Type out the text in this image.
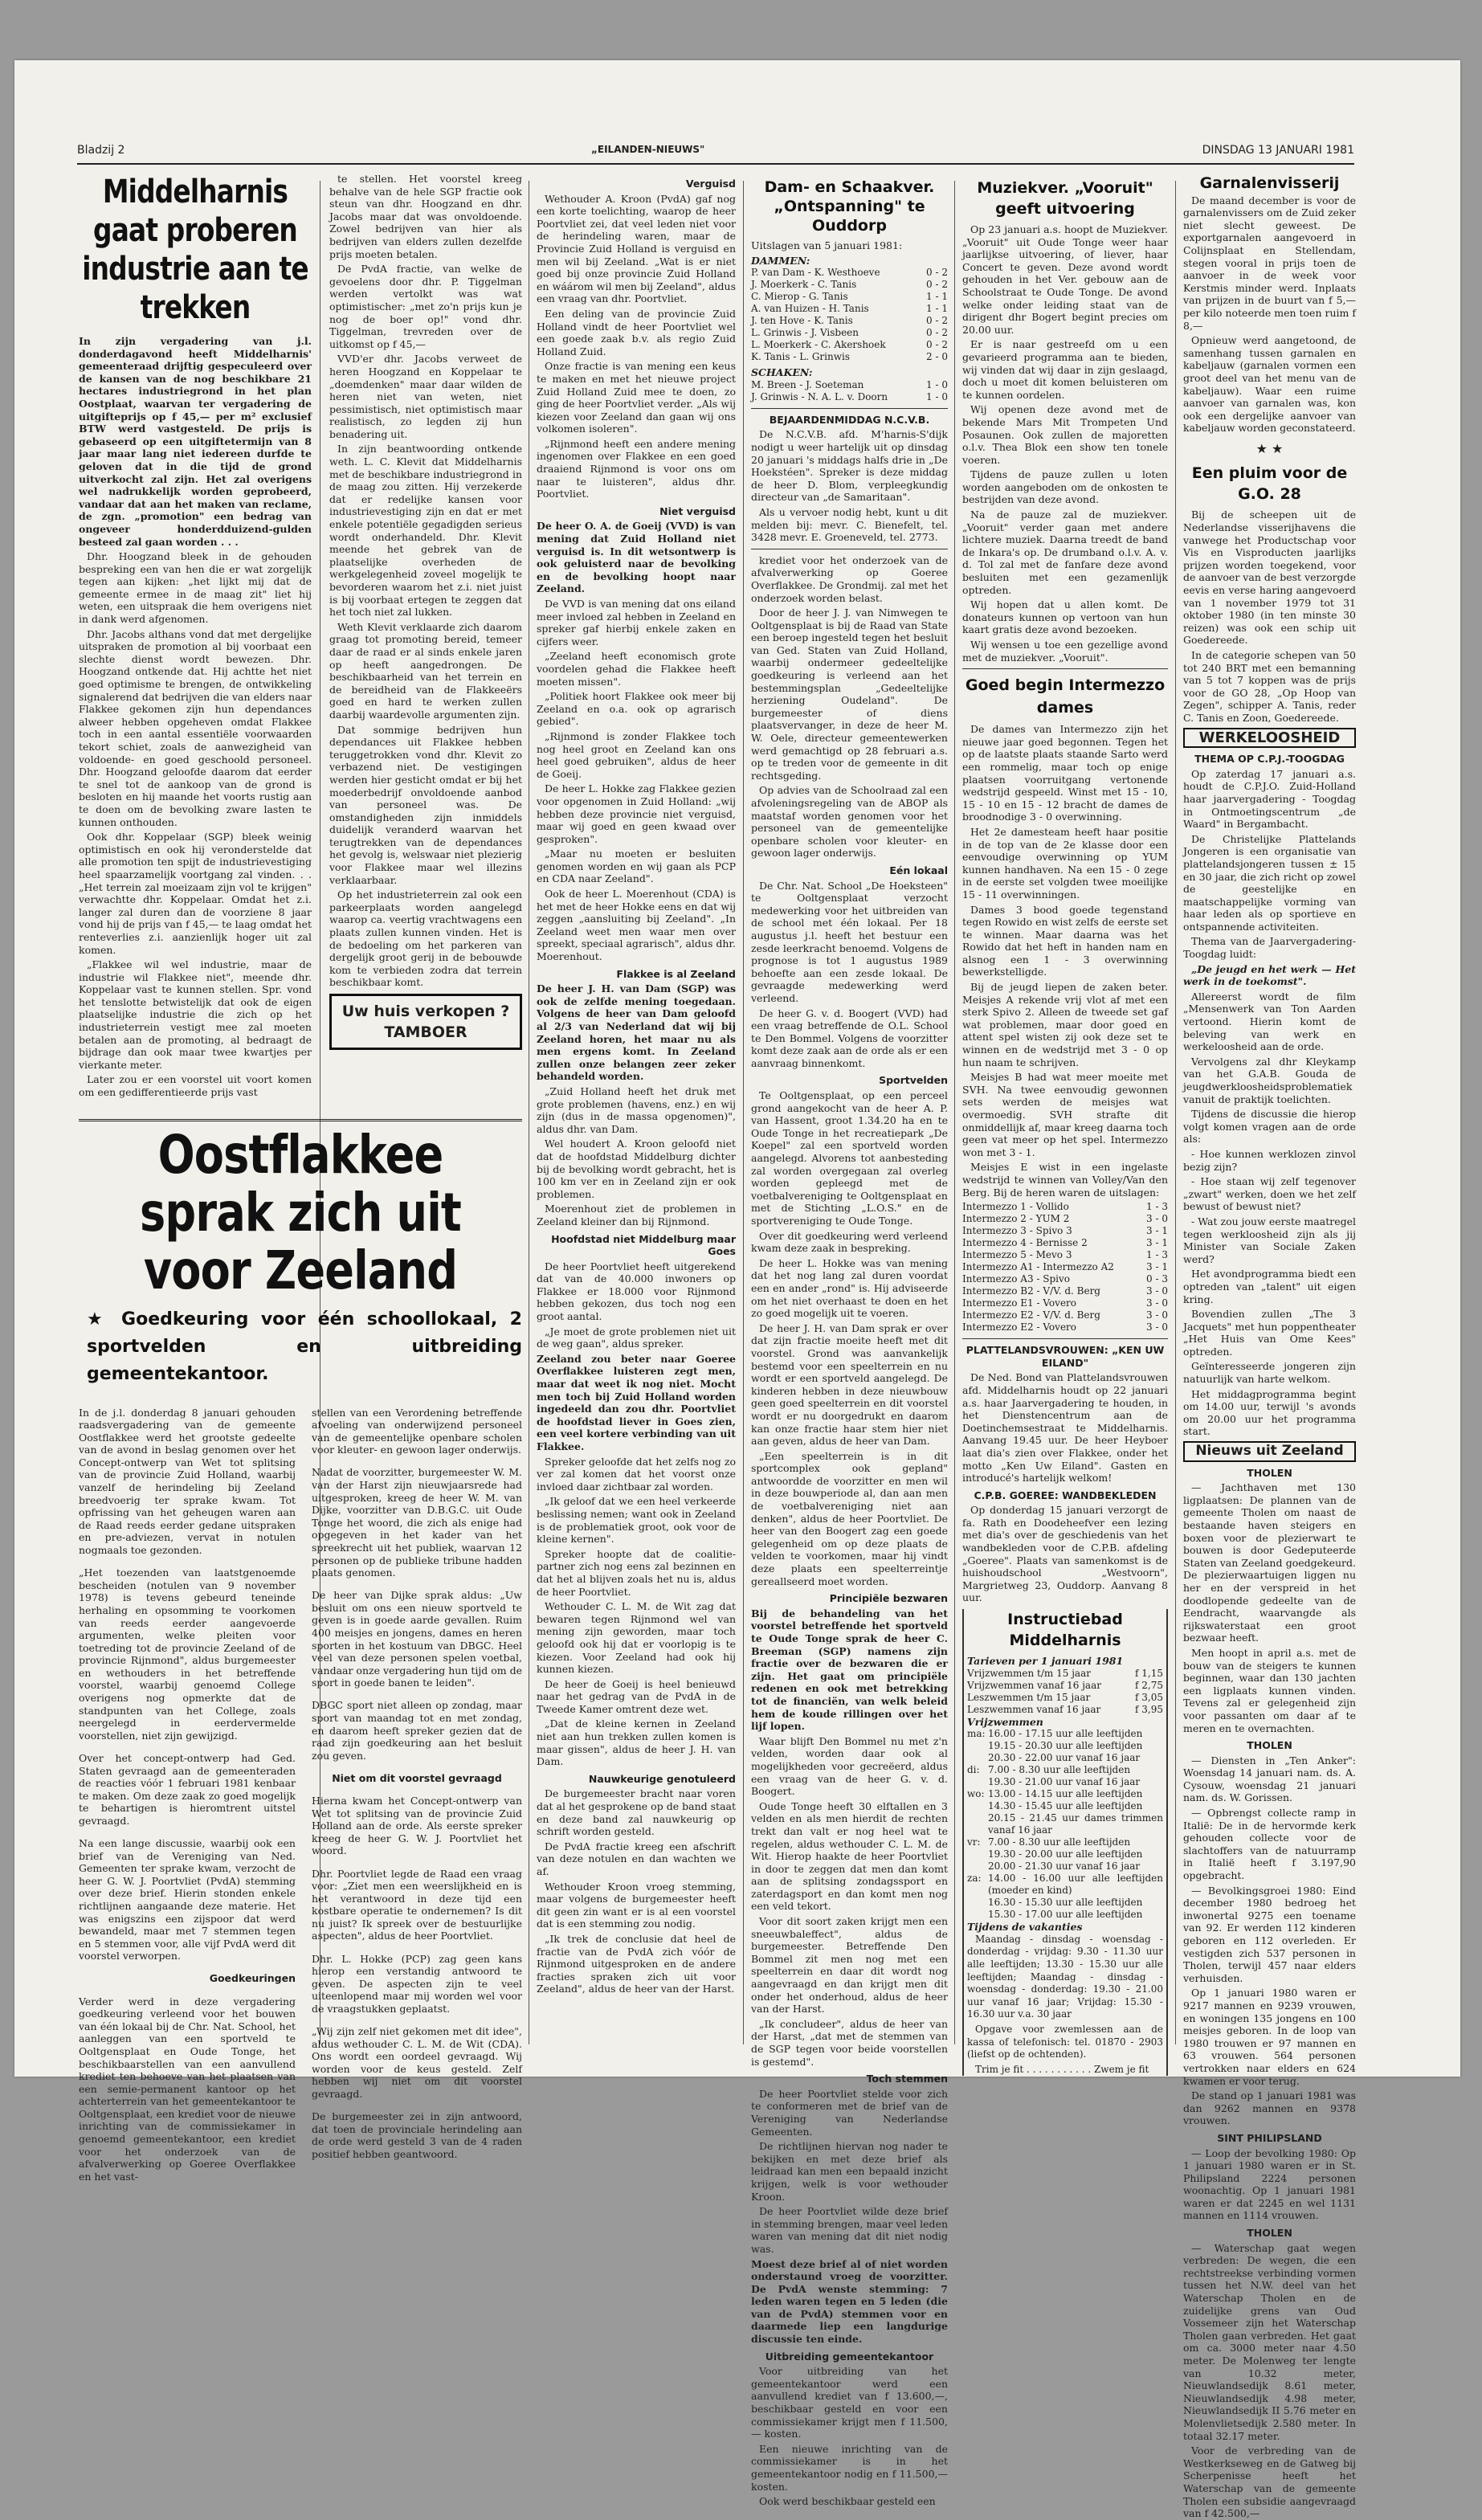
Bladzij 2	„EILANDEN-NIEUWS"	DINSDAG 13 JANUARI 1981
Middelharnis gaat proberen industrie aan te trekken

In zijn vergadering van j.l. donderdagavond heeft Middelharnis' gemeenteraad drijftig gespeculeerd over de kansen van de nog beschikbare 21 hectares industriegrond in het plan Oostplaat, waarvan ter vergadering de uitgifteprijs op f 45,— per m² exclusief BTW werd vastgesteld. De prijs is gebaseerd op een uitgiftetermijn van 8 jaar maar lang niet iedereen durfde te geloven dat in die tijd de grond uitverkocht zal zijn. Het zal overigens wel nadrukkelijk worden geprobeerd, vandaar dat aan het maken van reclame, de zgn. „promotion" een bedrag van ongeveer honderdduizend-gulden besteed zal gaan worden . . .

Dhr. Hoogzand bleek in de gehouden bespreking een van hen die er wat zorgelijk tegen aan kijken: „het lijkt mij dat de gemeente ermee in de maag zit" liet hij weten, een uitspraak die hem overigens niet in dank werd afgenomen.

Dhr. Jacobs althans vond dat met dergelijke uitspraken de promotion al bij voorbaat een slechte dienst wordt bewezen. Dhr. Hoogzand ontkende dat. Hij achtte het niet goed optimisme te brengen, de ontwikkeling signalerend dat bedrijven die van elders naar Flakkee gekomen zijn hun dependances alweer hebben opgeheven omdat Flakkee toch in een aantal essentiële voorwaarden tekort schiet, zoals de aanwezigheid van voldoende- en goed geschoold personeel. Dhr. Hoogzand geloofde daarom dat eerder te snel tot de aankoop van de grond is besloten en hij maande het voorts rustig aan te doen om de bevolking zware lasten te kunnen onthouden.

Ook dhr. Koppelaar (SGP) bleek weinig optimistisch en ook hij veronderstelde dat alle promotion ten spijt de industrievestiging heel spaarzamelijk voortgang zal vinden. . .„Het terrein zal moeizaam zijn vol te krijgen" verwachtte dhr. Koppelaar. Omdat het z.i. langer zal duren dan de voorziene 8 jaar vond hij de prijs van f 45,— te laag omdat het renteverlies z.i. aanzienlijk hoger uit zal komen.

„Flakkee wil wel industrie, maar de industrie wil Flakkee niet", meende dhr. Koppelaar vast te kunnen stellen. Spr. vond het tenslotte betwistelijk dat ook de eigen plaatselijke industrie die zich op het industrieterrein vestigt mee zal moeten betalen aan de promoting, al bedraagt de bijdrage dan ook maar twee kwartjes per vierkante meter.

Later zou er een voorstel uit voort komen om een gedifferentieerde prijs vast

Oostflakkee sprak zich uit voor Zeeland
★ Goedkeuring voor één schoollokaal, 2 sportvelden en uitbreiding gemeentekantoor.

In de j.l. donderdag 8 januari gehouden raadsvergadering van de gemeente Oostflakkee werd het grootste gedeelte van de avond in beslag genomen over het Concept-ontwerp van Wet tot splitsing van de provincie Zuid Holland, waarbij vanzelf de herindeling bij Zeeland breedvoerig ter sprake kwam. Tot opfrissing van het geheugen waren aan de Raad reeds eerder gedane uitspraken en pre-adviezen, vervat in notulen nogmaals toe gezonden.

„Het toezenden van laatstgenoemde bescheiden (notulen van 9 november 1978) is tevens gebeurd teneinde herhaling en opsomming te voorkomen van reeds eerder aangevoerde argumenten, welke pleiten voor toetreding tot de provincie Zeeland of de provincie Rijnmond", aldus burgemeester en wethouders in het betreffende voorstel, waarbij genoemd College overigens nog opmerkte dat de standpunten van het College, zoals neergelegd in eerdervermelde voorstellen, niet zijn gewijzigd.

Over het concept-ontwerp had Ged. Staten gevraagd aan de gemeenteraden de reacties vóór 1 februari 1981 kenbaar te maken. Om deze zaak zo goed mogelijk te behartigen is hieromtrent uitstel gevraagd.

Na een lange discussie, waarbij ook een brief van de Vereniging van Ned. Gemeenten ter sprake kwam, verzocht de heer G. W. J. Poortvliet (PvdA) stemming over deze brief. Hierin stonden enkele richtlijnen aangaande deze materie. Het was enigszins een zijspoor dat werd bewandeld, maar met 7 stemmen tegen en 5 stemmen voor, alle vijf PvdA werd dit voorstel verworpen.

Goedkeuringen

Verder werd in deze vergadering goedkeuring verleend voor het bouwen van één lokaal bij de Chr. Nat. School, het aanleggen van een sportveld te Ooltgensplaat en Oude Tonge, het beschikbaarstellen van een aanvullend krediet ten behoeve van het plaatsen van een semie-permanent kantoor op het achterterrein van het gemeentekantoor te Ooltgensplaat, een krediet voor de nieuwe inrichting van de commissiekamer in genoemd gemeentekantoor, een krediet voor het onderzoek van de afvalverwerking op Goeree Overflakkee en het vast-

stellen van een Verordening betreffende afvoeling van onderwijzend personeel van de gemeentelijke openbare scholen voor kleuter- en gewoon lager onderwijs.

Nadat de voorzitter, burgemeester W. M. van der Harst zijn nieuwjaarsrede had uitgesproken, kreeg de heer W. M. van Dijke, voorzitter van D.B.G.C. uit Oude Tonge het woord, die zich als enige had opgegeven in het kader van het spreekrecht uit het publiek, waarvan 12 personen op de publieke tribune hadden plaats genomen.

De heer van Dijke sprak aldus: „Uw besluit om ons een nieuw sportveld te geven is in goede aarde gevallen. Ruim 400 meisjes en jongens, dames en heren sporten in het kostuum van DBGC. Heel veel van deze personen spelen voetbal, vandaar onze vergadering hun tijd om de sport in goede banen te leiden".

DBGC sport niet alleen op zondag, maar sport van maandag tot en met zondag, en daarom heeft spreker gezien dat de raad zijn goedkeuring aan het besluit zou geven.

Niet om dit voorstel gevraagd

Hierna kwam het Concept-ontwerp van Wet tot splitsing van de provincie Zuid Holland aan de orde. Als eerste spreker kreeg de heer G. W. J. Poortvliet het woord.

Dhr. Poortvliet legde de Raad een vraag voor: „Ziet men een weerslijkheid en is het verantwoord in deze tijd een kostbare operatie te ondernemen? Is dit nu juist? Ik spreek over de bestuurlijke aspecten", aldus de heer Poortvliet.

Dhr. L. Hokke (PCP) zag geen kans hierop een verstandig antwoord te geven. De aspecten zijn te veel uiteenlopend maar mij worden wel voor de vraagstukken geplaatst.

„Wij zijn zelf niet gekomen met dit idee", aldus wethouder C. L. M. de Wit (CDA). Ons wordt een oordeel gevraagd. Wij worden voor de keus gesteld. Zelf hebben wij niet om dit voorstel gevraagd.

De burgemeester zei in zijn antwoord, dat toen de provinciale herindeling aan de orde werd gesteld 3 van de 4 raden positief hebben geantwoord.

te stellen. Het voorstel kreeg behalve van de hele SGP fractie ook steun van dhr. Hoogzand en dhr. Jacobs maar dat was onvoldoende. Zowel bedrijven van hier als bedrijven van elders zullen dezelfde prijs moeten betalen.

De PvdA fractie, van welke de gevoelens door dhr. P. Tiggelman werden vertolkt was wat optimistischer: „met zo'n prijs kun je nog de boer op!" vond dhr. Tiggelman, trevreden over de uitkomst op f 45,—

VVD'er dhr. Jacobs verweet de heren Hoogzand en Koppelaar te „doemdenken" maar daar wilden de heren niet van weten, niet pessimistisch, niet optimistisch maar realistisch, zo legden zij hun benadering uit.

In zijn beantwoording ontkende weth. L. C. Klevit dat Middelharnis met de beschikbare industriegrond in de maag zou zitten. Hij verzekerde dat er redelijke kansen voor industrievestiging zijn en dat er met enkele potentiële gegadigden serieus wordt onderhandeld. Dhr. Klevit meende het gebrek van de plaatselijke overheden de werkgelegenheid zoveel mogelijk te bevorderen waarom het z.i. niet juist is bij voorbaat ertegen te zeggen dat het toch niet zal lukken.

Weth Klevit verklaarde zich daarom graag tot promoting bereid, temeer daar de raad er al sinds enkele jaren op heeft aangedrongen. De beschikbaarheid van het terrein en de bereidheid van de Flakkeeërs goed en hard te werken zullen daarbij waardevolle argumenten zijn.

Dat sommige bedrijven hun dependances uit Flakkee hebben teruggetrokken vond dhr. Klevit zo verbazend niet. De vestigingen werden hier gesticht omdat er bij het moederbedrijf onvoldoende aanbod van personeel was. De omstandigheden zijn inmiddels duidelijk veranderd waarvan het terugtrekken van de dependances het gevolg is, welswaar niet plezierig voor Flakkee maar wel illezins verklaarbaar.

Op het industrieterrein zal ook een parkeerplaats worden aangelegd waarop ca. veertig vrachtwagens een plaats zullen kunnen vinden. Het is de bedoeling om het parkeren van dergelijk groot gerij in de bebouwde kom te verbieden zodra dat terrein beschikbaar komt.

Uw huis verkopen ? TAMBOER
Verguisd

Wethouder A. Kroon (PvdA) gaf nog een korte toelichting, waarop de heer Poortvliet zei, dat veel leden niet voor de herindeling waren, maar de Provincie Zuid Holland is verguisd en men wil bij Zeeland. „Wat is er niet goed bij onze provincie Zuid Holland en wáárom wil men bij Zeeland", aldus een vraag van dhr. Poortvliet.

Een deling van de provincie Zuid Holland vindt de heer Poortvliet wel een goede zaak b.v. als regio Zuid Holland Zuid.

Onze fractie is van mening een keus te maken en met het nieuwe project Zuid Holland Zuid mee te doen, zo ging de heer Poortvliet verder. „Als wij kiezen voor Zeeland dan gaan wij ons volkomen isoleren".

„Rijnmond heeft een andere mening ingenomen over Flakkee en een goed draaiend Rijnmond is voor ons om naar te luisteren", aldus dhr. Poortvliet.

Niet verguisd

De heer O. A. de Goeij (VVD) is van mening dat Zuid Holland niet verguisd is. In dit wetsontwerp is ook geluisterd naar de bevolking en de bevolking hoopt naar Zeeland.

De VVD is van mening dat ons eiland meer invloed zal hebben in Zeeland en spreker gaf hierbij enkele zaken en cijfers weer.

„Zeeland heeft economisch grote voordelen gehad die Flakkee heeft moeten missen".

„Politiek hoort Flakkee ook meer bij Zeeland en o.a. ook op agrarisch gebied".

„Rijnmond is zonder Flakkee toch nog heel groot en Zeeland kan ons heel goed gebruiken", aldus de heer de Goeij.

De heer L. Hokke zag Flakkee gezien voor opgenomen in Zuid Holland: „wij hebben deze provincie niet verguisd, maar wij goed en geen kwaad over gesproken".

„Maar nu moeten er besluiten genomen worden en wij gaan als PCP en CDA naar Zeeland".

Ook de heer L. Moerenhout (CDA) is het met de heer Hokke eens en dat wij zeggen „aansluiting bij Zeeland". „In Zeeland weet men waar men over spreekt, speciaal agrarisch", aldus dhr. Moerenhout.

Flakkee is al Zeeland

De heer J. H. van Dam (SGP) was ook de zelfde mening toegedaan. Volgens de heer van Dam geloofd al 2/3 van Nederland dat wij bij Zeeland horen, het maar nu als men ergens komt. In Zeeland zullen onze belangen zeer zeker behandeld worden.

„Zuid Holland heeft het druk met grote problemen (havens, enz.) en wij zijn (dus in de massa opgenomen)", aldus dhr. van Dam.

Wel houdert A. Kroon geloofd niet dat de hoofdstad Middelburg dichter bij de bevolking wordt gebracht, het is 100 km ver en in Zeeland zijn er ook problemen.

Moerenhout ziet de problemen in Zeeland kleiner dan bij Rijnmond.

Hoofdstad niet Middelburg maar Goes

De heer Poortvliet heeft uitgerekend dat van de 40.000 inwoners op Flakkee er 18.000 voor Rijnmond hebben gekozen, dus toch nog een groot aantal.

„Je moet de grote problemen niet uit de weg gaan", aldus spreker.

Zeeland zou beter naar Goeree Overflakkee luisteren zegt men, maar dat weet ik nog niet. Mocht men toch bij Zuid Holland worden ingedeeld dan zou dhr. Poortvliet de hoofdstad liever in Goes zien, een veel kortere verbinding van uit Flakkee.

Spreker geloofde dat het zelfs nog zo ver zal komen dat het voorst onze invloed daar zichtbaar zal worden.

„Ik geloof dat we een heel verkeerde beslissing nemen; want ook in Zeeland is de problematiek groot, ook voor de kleine kernen".

Spreker hoopte dat de coalitie-partner zich nog eens zal bezinnen en dat het al blijven zoals het nu is, aldus de heer Poortvliet.

Wethouder C. L. M. de Wit zag dat bewaren tegen Rijnmond wel van mening zijn geworden, maar toch geloofd ook hij dat er voorlopig is te kiezen. Voor Zeeland had ook hij kunnen kiezen.

De heer de Goeij is heel benieuwd naar het gedrag van de PvdA in de Tweede Kamer omtrent deze wet.

„Dat de kleine kernen in Zeeland niet aan hun trekken zullen komen is maar gissen", aldus de heer J. H. van Dam.

Nauwkeurige genotuleerd

De burgemeester bracht naar voren dat al het gesprokene op de band staat en deze band zal nauwkeurig op schrift worden gesteld.

De PvdA fractie kreeg een afschrift van deze notulen en dan wachten we af.

Wethouder Kroon vroeg stemming, maar volgens de burgemeester heeft dit geen zin want er is al een voorstel dat is een stemming zou nodig.

„Ik trek de conclusie dat heel de fractie van de PvdA zich vóór de Rijnmond uitgesproken en de andere fracties spraken zich uit voor Zeeland", aldus de heer van der Harst.

Dam- en Schaakver. „Ontspanning" te Ouddorp

Uitslagen van 5 januari 1981:

DAMMEN:
P. van Dam - K. Westhoeve	0 - 2
J. Moerkerk - C. Tanis	0 - 2
C. Mierop - G. Tanis	1 - 1
A. van Huizen - H. Tanis	1 - 1
J. ten Hove - K. Tanis	0 - 2
L. Grinwis - J. Visbeen	0 - 2
L. Moerkerk - C. Akershoek	0 - 2
K. Tanis - L. Grinwis	2 - 0
SCHAKEN:
M. Breen - J. Soeteman	1 - 0
J. Grinwis - N. A. L. v. Doorn	1 - 0
BEJAARDENMIDDAG N.C.V.B.

De N.C.V.B. afd. M'harnis-S'dijk nodigt u weer hartelijk uit op dinsdag 20 januari 's middags halfs drie in „De Hoekstéen". Spreker is deze middag de heer D. Blom, verpleegkundig directeur van „de Samaritaan".

Als u vervoer nodig hebt, kunt u dit melden bij: mevr. C. Bienefelt, tel. 3428 mevr. E. Groeneveld, tel. 2773.

krediet voor het onderzoek van de afvalverwerking op Goeree Overflakkee. De Grondmij. zal met het onderzoek worden belast.

Door de heer J. J. van Nimwegen te Ooltgensplaat is bij de Raad van State een beroep ingesteld tegen het besluit van Ged. Staten van Zuid Holland, waarbij ondermeer gedeeltelijke goedkeuring is verleend aan het bestemmingsplan „Gedeeltelijke herziening Oudeland". De burgemeester of diens plaatsvervanger, in deze de heer M. W. Oele, directeur gemeentewerken werd gemachtigd op 28 februari a.s. op te treden voor de gemeente in dit rechtsgeding.

Op advies van de Schoolraad zal een afvoleningsregeling van de ABOP als maatstaf worden genomen voor het personeel van de gemeentelijke openbare scholen voor kleuter- en gewoon lager onderwijs.

Eén lokaal

De Chr. Nat. School „De Hoeksteen" te Ooltgensplaat verzocht medewerking voor het uitbreiden van de school met één lokaal. Per 18 augustus j.l. heeft het bestuur een zesde leerkracht benoemd. Volgens de prognose is tot 1 augustus 1989 behoefte aan een zesde lokaal. De gevraagde medewerking werd verleend.

De heer G. v. d. Boogert (VVD) had een vraag betreffende de O.L. School te Den Bommel. Volgens de voorzitter komt deze zaak aan de orde als er een aanvraag binnenkomt.

Sportvelden

Te Ooltgensplaat, op een perceel grond aangekocht van de heer A. P. van Hassent, groot 1.34.20 ha en te Oude Tonge in het recreatiepark „De Koepel" zal een sportveld worden aangelegd. Alvorens tot aanbesteding zal worden overgegaan zal overleg worden gepleegd met de voetbalvereniging te Ooltgensplaat en met de Stichting „L.O.S." en de sportvereniging te Oude Tonge.

Over dit goedkeuring werd verleend kwam deze zaak in bespreking.

De heer L. Hokke was van mening dat het nog lang zal duren voordat een en ander „rond" is. Hij adviseerde om het niet overhaast te doen en het zo goed mogelijk uit te voeren.

De heer J. H. van Dam sprak er over dat zijn fractie moeite heeft met dit voorstel. Grond was aanvankelijk bestemd voor een speelterrein en nu wordt er een sportveld aangelegd. De kinderen hebben in deze nieuwbouw geen goed speelterrein en dit voorstel wordt er nu doorgedrukt en daarom kan onze fractie haar stem hier niet aan geven, aldus de heer van Dam.

„Een speelterrein is in dit sportcomplex ook gepland" antwoordde de voorzitter en men wil in deze bouwperiode al, dan aan men de voetbalvereniging niet aan denken", aldus de heer Poortvliet. De heer van den Boogert zag een goede gelegenheid om op deze plaats de velden te voorkomen, maar hij vindt deze plaats een speelterreintje gereallseerd moet worden.

Principiële bezwaren

Bij de behandeling van het voorstel betreffende het sportveld te Oude Tonge sprak de heer C. Breeman (SGP) namens zijn fractie over de bezwaren die er zijn. Het gaat om principiële redenen en ook met betrekking tot de financiën, van welk beleid hem de koude rillingen over het lijf lopen.

Waar blijft Den Bommel nu met z'n velden, worden daar ook al mogelijkheden voor gecreëerd, aldus een vraag van de heer G. v. d. Boogert.

Oude Tonge heeft 30 elftallen en 3 velden en als men hierdit de rechten trekt dan valt er nog heel wat te regelen, aldus wethouder C. L. M. de Wit. Hierop haakte de heer Poortvliet in door te zeggen dat men dan komt aan de splitsing zondagssport en zaterdagsport en dan komt men nog een veld tekort.

Voor dit soort zaken krijgt men een sneeuwbaleffect", aldus de burgemeester. Betreffende Den Bommel zit men nog met een speelterrein en daar dit wordt nog aangevraagd en dan krijgt men dit onder het onderhoud, aldus de heer van der Harst.

„Ik concludeer", aldus de heer van der Harst, „dat met de stemmen van de SGP tegen voor beide voorstellen is gestemd".

Toch stemmen

De heer Poortvliet stelde voor zich te conformeren met de brief van de Vereniging van Nederlandse Gemeenten.

De richtlijnen hiervan nog nader te bekijken en met deze brief als leidraad kan men een bepaald inzicht krijgen, welk is voor wethouder Kroon.

De heer Poortvliet wilde deze brief in stemming brengen, maar veel leden waren van mening dat dit niet nodig was.

Moest deze brief al of niet worden onderstaund vroeg de voorzitter. De PvdA wenste stemming: 7 leden waren tegen en 5 leden (die van de PvdA) stemmen voor en daarmede liep een langdurige discussie ten einde.

Uitbreiding gemeentekantoor

Voor uitbreiding van het gemeentekantoor werd een aanvullend krediet van f 13.600,—, beschikbaar gesteld en voor een commissiekamer krijgt men f 11.500,— kosten.

Een nieuwe inrichting van de commissiekamer is in het gemeentekantoor nodig en f 11.500,— kosten.

Ook werd beschikbaar gesteld een

Muziekver. „Vooruit" geeft uitvoering

Op 23 januari a.s. hoopt de Muziekver. „Vooruit" uit Oude Tonge weer haar jaarlijkse uitvoering, of liever, haar Concert te geven. Deze avond wordt gehouden in het Ver. gebouw aan de Schoolstraat te Oude Tonge. De avond welke onder leiding staat van de dirigent dhr Bogert begint precies om 20.00 uur.

Er is naar gestreefd om u een gevarieerd programma aan te bieden, wij vinden dat wij daar in zijn geslaagd, doch u moet dit komen beluisteren om te kunnen oordelen.

Wij openen deze avond met de bekende Mars Mit Trompeten Und Posaunen. Ook zullen de majoretten o.l.v. Thea Blok een show ten tonele voeren.

Tijdens de pauze zullen u loten worden aangeboden om de onkosten te bestrijden van deze avond.

Na de pauze zal de muziekver. „Vooruit" verder gaan met andere lichtere muziek. Daarna treedt de band de Inkara's op. De drumband o.l.v. A. v. d. Tol zal met de fanfare deze avond besluiten met een gezamenlijk optreden.

Wij hopen dat u allen komt. De donateurs kunnen op vertoon van hun kaart gratis deze avond bezoeken.

Wij wensen u toe een gezellige avond met de muziekver. „Vooruit".

Goed begin Intermezzo dames

De dames van Intermezzo zijn het nieuwe jaar goed begonnen. Tegen het op de laatste plaats staande Sarto werd een rommelig, maar toch op enige plaatsen voorruitgang vertonende wedstrijd gespeeld. Winst met 15 - 10, 15 - 10 en 15 - 12 bracht de dames de broodnodige 3 - 0 overwinning.

Het 2e damesteam heeft haar positie in de top van de 2e klasse door een eenvoudige overwinning op YUM kunnen handhaven. Na een 15 - 0 zege in de eerste set volgden twee moeilijke 15 - 11 overwinningen.

Dames 3 bood goede tegenstand tegen Rowido en wist zelfs de eerste set te winnen. Maar daarna was het Rowido dat het heft in handen nam en alsnog een 1 - 3 overwinning bewerkstelligde.

Bij de jeugd liepen de zaken beter. Meisjes A rekende vrij vlot af met een sterk Spivo 2. Alleen de tweede set gaf wat problemen, maar door goed en attent spel wisten zij ook deze set te winnen en de wedstrijd met 3 - 0 op hun naam te schrijven.

Meisjes B had wat meer moeite met SVH. Na twee eenvoudig gewonnen sets werden de meisjes wat overmoedig. SVH strafte dit onmiddellijk af, maar kreeg daarna toch geen vat meer op het spel. Intermezzo won met 3 - 1.

Meisjes E wist in een ingelaste wedstrijd te winnen van Volley/Van den Berg. Bij de heren waren de uitslagen:

Intermezzo 1 - Vollido	1 - 3
Intermezzo 2 - YUM 2	3 - 0
Intermezzo 3 - Spivo 3	3 - 1
Intermezzo 4 - Bernisse 2	3 - 1
Intermezzo 5 - Mevo 3	1 - 3
Intermezzo A1 - Intermezzo A2	3 - 1
Intermezzo A3 - Spivo	0 - 3
Intermezzo B2 - V/V. d. Berg	3 - 0
Intermezzo E1 - Vovero	3 - 0
Intermezzo E2 - V/V. d. Berg	3 - 0
Intermezzo E2 - Vovero	3 - 0
PLATTELANDSVROUWEN: „KEN UW EILAND"

De Ned. Bond van Plattelandsvrouwen afd. Middelharnis houdt op 22 januari a.s. haar Jaarvergadering te houden, in het Dienstencentrum aan de Doetinchemsestraat te Middelharnis. Aanvang 19.45 uur. De heer Heyboer laat dia's zien over Flakkee, onder het motto „Ken Uw Eiland". Gasten en introducé's hartelijk welkom!

C.P.B. GOEREE: WANDBEKLEDEN

Op donderdag 15 januari verzorgt de fa. Rath en Doodeheefver een lezing met dia's over de geschiedenis van het wandbekleden voor de C.P.B. afdeling „Goeree". Plaats van samenkomst is de huishoudschool „Westvoorn", Margrietweg 23, Ouddorp. Aanvang 8 uur.

Instructiebad Middelharnis
Tarieven per 1 januari 1981
Vrijzwemmen t/m 15 jaar	f 1,15
Vrijzwemmen vanaf 16 jaar	f 2,75
Leszwemmen t/m 15 jaar	f 3,05
Leszwemmen vanaf 16 jaar	f 3,95
Vrijzwemmen
ma:	16.00 - 17.15 uur alle leeftijden
	19.15 - 20.30 uur alle leeftijden
	20.30 - 22.00 uur vanaf 16 jaar
di:	7.00 - 8.30 uur alle leeftijden
	19.30 - 21.00 uur vanaf 16 jaar
wo:	13.00 - 14.15 uur alle leeftijden
	14.30 - 15.45 uur alle leeftijden
	20.15 - 21.45 uur dames trimmen vanaf 16 jaar
vr:	7.00 - 8.30 uur alle leeftijden
	19.30 - 20.00 uur alle leeftijden
	20.00 - 21.30 uur vanaf 16 jaar
za:	14.00 - 16.00 uur alle leeftijden (moeder en kind)
	16.30 - 15.30 uur alle leeftijden
	15.30 - 17.00 uur alle leeftijden
Tijdens de vakanties

Maandag - dinsdag - woensdag - donderdag - vrijdag: 9.30 - 11.30 uur alle leeftijden; 13.30 - 15.30 uur alle leeftijden; Maandag - dinsdag - woensdag - donderdag: 19.30 - 21.00 uur vanaf 16 jaar; Vrijdag: 15.30 - 16.30 uur v.a. 30 jaar

Opgave voor zwemlessen aan de kassa of telefonisch: tel. 01870 - 2903 (liefst op de ochtenden).

Trim je fit . . . . . . . . . . . Zwem je fit

Garnalenvisserij

De maand december is voor de garnalenvissers om de Zuid zeker niet slecht geweest. De exportgarnalen aangevoerd in Colijnsplaat en Stellendam, stegen vooral in prijs toen de aanvoer in de week voor Kerstmis minder werd. Inplaats van prijzen in de buurt van f 5,— per kilo noteerde men toen ruim f 8,—

Opnieuw werd aangetoond, de samenhang tussen garnalen en kabeljauw (garnalen vormen een groot deel van het menu van de kabeljauw). Waar een ruime aanvoer van garnalen was, kon ook een dergelijke aanvoer van kabeljauw worden geconstateerd.

★ ★
Een pluim voor de G.O. 28

Bij de scheepen uit de Nederlandse visserijhavens die vanwege het Productschap voor Vis en Visproducten jaarlijks prijzen worden toegekend, voor de aanvoer van de best verzorgde eevis en verse haring aangevoerd van 1 november 1979 tot 31 oktober 1980 (in ten minste 30 reizen) was ook een schip uit Goedereede.

In de categorie schepen van 50 tot 240 BRT met een bemanning van 5 tot 7 koppen was de prijs voor de GO 28, „Op Hoop van Zegen", schipper A. Tanis, reder C. Tanis en Zoon, Goedereede.

WERKELOOSHEID
THEMA OP C.P.J.-TOOGDAG

Op zaterdag 17 januari a.s. houdt de C.P.J.O. Zuid-Holland haar jaarvergadering - Toogdag in Ontmoetingscentrum „de Waard" in Bergambacht.

De Christelijke Plattelands Jongeren is een organisatie van plattelandsjongeren tussen ± 15 en 30 jaar, die zich richt op zowel de geestelijke en maatschappelijke vorming van haar leden als op sportieve en ontspannende activiteiten.

Thema van de Jaarvergadering-Toogdag luidt:

„De jeugd en het werk — Het werk in de toekomst".

Allereerst wordt de film „Mensenwerk van Ton Aarden vertoond. Hierin komt de beleving van werk en werkeloosheid aan de orde.

Vervolgens zal dhr Kleykamp van het G.A.B. Gouda de jeugdwerkloosheidsproblematiek vanuit de praktijk toelichten.

Tijdens de discussie die hierop volgt komen vragen aan de orde als:

- Hoe kunnen werklozen zinvol bezig zijn?

- Hoe staan wij zelf tegenover „zwart" werken, doen we het zelf bewust of bewust niet?

- Wat zou jouw eerste maatregel tegen werkloosheid zijn als jij Minister van Sociale Zaken werd?

Het avondprogramma biedt een optreden van „talent" uit eigen kring.

Bovendien zullen „The 3 Jacquets" met hun poppentheater „Het Huis van Ome Kees" optreden.

Geïnteresseerde jongeren zijn natuurlijk van harte welkom.

Het middagprogramma begint om 14.00 uur, terwijl 's avonds om 20.00 uur het programma start.

Nieuws uit Zeeland
THOLEN

— Jachthaven met 130 ligplaatsen: De plannen van de gemeente Tholen om naast de bestaande haven steigers en boxen voor de plezierwart te bouwen is door Gedeputeerde Staten van Zeeland goedgekeurd. De plezierwaartuigen liggen nu her en der verspreid in het doodlopende gedeelte van de Eendracht, waarvangde als rijkswaterstaat een groot bezwaar heeft.

Men hoopt in april a.s. met de bouw van de steigers te kunnen beginnen, waar dan 130 jachten een ligplaats kunnen vinden. Tevens zal er gelegenheid zijn voor passanten om daar af te meren en te overnachten.

THOLEN

— Diensten in „Ten Anker": Woensdag 14 januari nam. ds. A. Cysouw, woensdag 21 januari nam. ds. W. Gorissen.

— Opbrengst collecte ramp in Italië: De in de hervormde kerk gehouden collecte voor de slachtoffers van de natuurramp in Italië heeft f 3.197,90 opgebracht.

— Bevolkingsgroei 1980: Eind december 1980 bedroeg het inwonertal 9275 een toename van 92. Er werden 112 kinderen geboren en 112 overleden. Er vestigden zich 537 personen in Tholen, terwijl 457 naar elders verhuisden.

Op 1 januari 1980 waren er 9217 mannen en 9239 vrouwen, en woningen 135 jongens en 100 meisjes geboren. In de loop van 1980 trouwen er 97 mannen en 63 vrouwen. 564 personen vertrokken naar elders en 624 kwamen er voor terug.

De stand op 1 januari 1981 was dan 9262 mannen en 9378 vrouwen.

SINT PHILIPSLAND

— Loop der bevolking 1980: Op 1 januari 1980 waren er in St. Philipsland 2224 personen woonachtig. Op 1 januari 1981 waren er dat 2245 en wel 1131 mannen en 1114 vrouwen.

THOLEN

— Waterschap gaat wegen verbreden: De wegen, die een rechtstreekse verbinding vormen tussen het N.W. deel van het Waterschap Tholen en de zuidelijke grens van Oud Vossemeer zijn het Waterschap Tholen gaan verbreden. Het gaat om ca. 3000 meter naar 4.50 meter. De Molenweg ter lengte van 10.32 meter, Nieuwlandsedijk 8.61 meter, Nieuwlandsedijk 4.98 meter, Nieuwlandsedijk II 5.76 meter en Molenvlietsedijk 2.580 meter. In totaal 32.17 meter.

Voor de verbreding van de Westkerkseweg en de Gatweg bij Scherpenisse heeft het Waterschap van de gemeente Tholen een subsidie aangevraagd van f 42.500,—
